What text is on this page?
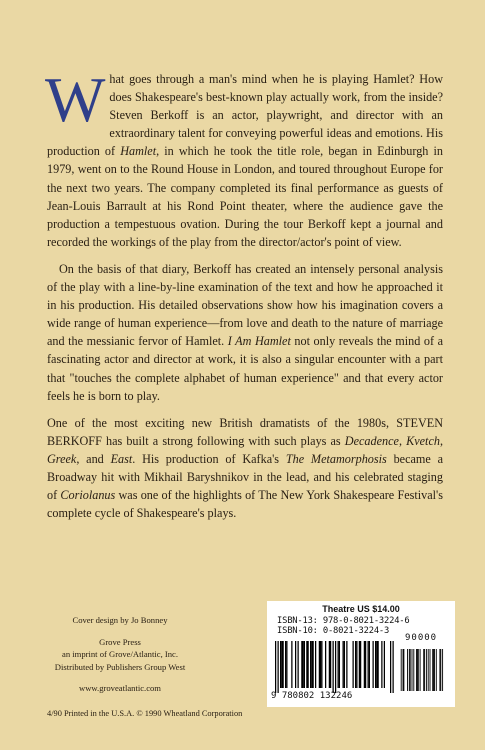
What goes through a man's mind when he is playing Hamlet? How does Shakespeare's best-known play actually work, from the inside? Steven Berkoff is an actor, playwright, and director with an extraordinary talent for conveying powerful ideas and emotions. His production of Hamlet, in which he took the title role, began in Edinburgh in 1979, went on to the Round House in London, and toured throughout Europe for the next two years. The company completed its final performance as guests of Jean-Louis Barrault at his Rond Point theater, where the audience gave the production a tempestuous ovation. During the tour Berkoff kept a journal and recorded the workings of the play from the director/actor's point of view.

On the basis of that diary, Berkoff has created an intensely personal analysis of the play with a line-by-line examination of the text and how he approached it in his production. His detailed observations show how his imagination covers a wide range of human experience—from love and death to the nature of marriage and the messianic fervor of Hamlet. I Am Hamlet not only reveals the mind of a fascinating actor and director at work, it is also a singular encounter with a part that "touches the complete alphabet of human experience" and that every actor feels he is born to play.

One of the most exciting new British dramatists of the 1980s, STEVEN BERKOFF has built a strong following with such plays as Decadence, Kvetch, Greek, and East. His production of Kafka's The Metamorphosis became a Broadway hit with Mikhail Baryshnikov in the lead, and his celebrated staging of Coriolanus was one of the highlights of The New York Shakespeare Festival's complete cycle of Shakespeare's plays.

Cover design by Jo Bonney
Grove Press
an imprint of Grove/Atlantic, Inc.
Distributed by Publishers Group West
www.groveatlantic.com
4/90 Printed in the U.S.A. © 1990 Wheatland Corporation
Theatre US $14.00
ISBN-13: 978-0-8021-3224-6
ISBN-10: 0-8021-3224-3
90000
9 780802 132246
